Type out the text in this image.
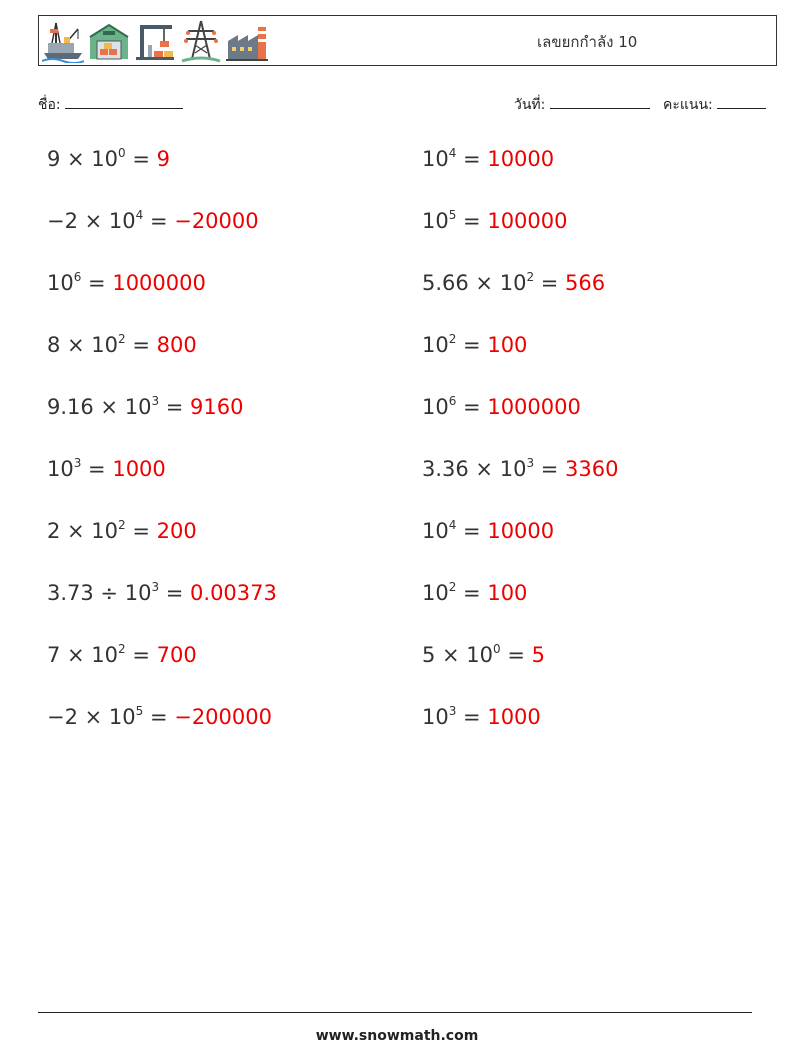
เลขยกกำลัง 10
ชื่อ:	วันที่:	คะแนน:
$9 \times 10^0 = 9$	$10^4 = 10000$
$-2 \times 10^4 = -20000$	$10^5 = 100000$
$10^6 = 1000000$	$5.66 \times 10^2 = 566$
$8 \times 10^2 = 800$	$10^2 = 100$
$9.16 \times 10^3 = 9160$	$10^6 = 1000000$
$10^3 = 1000$	$3.36 \times 10^3 = 3360$
$2 \times 10^2 = 200$	$10^4 = 10000$
$3.73 \div 10^3 = 0.00373$	$10^2 = 100$
$7 \times 10^2 = 700$	$5 \times 10^0 = 5$
$-2 \times 10^5 = -200000$	$10^3 = 1000$
www.snowmath.com
